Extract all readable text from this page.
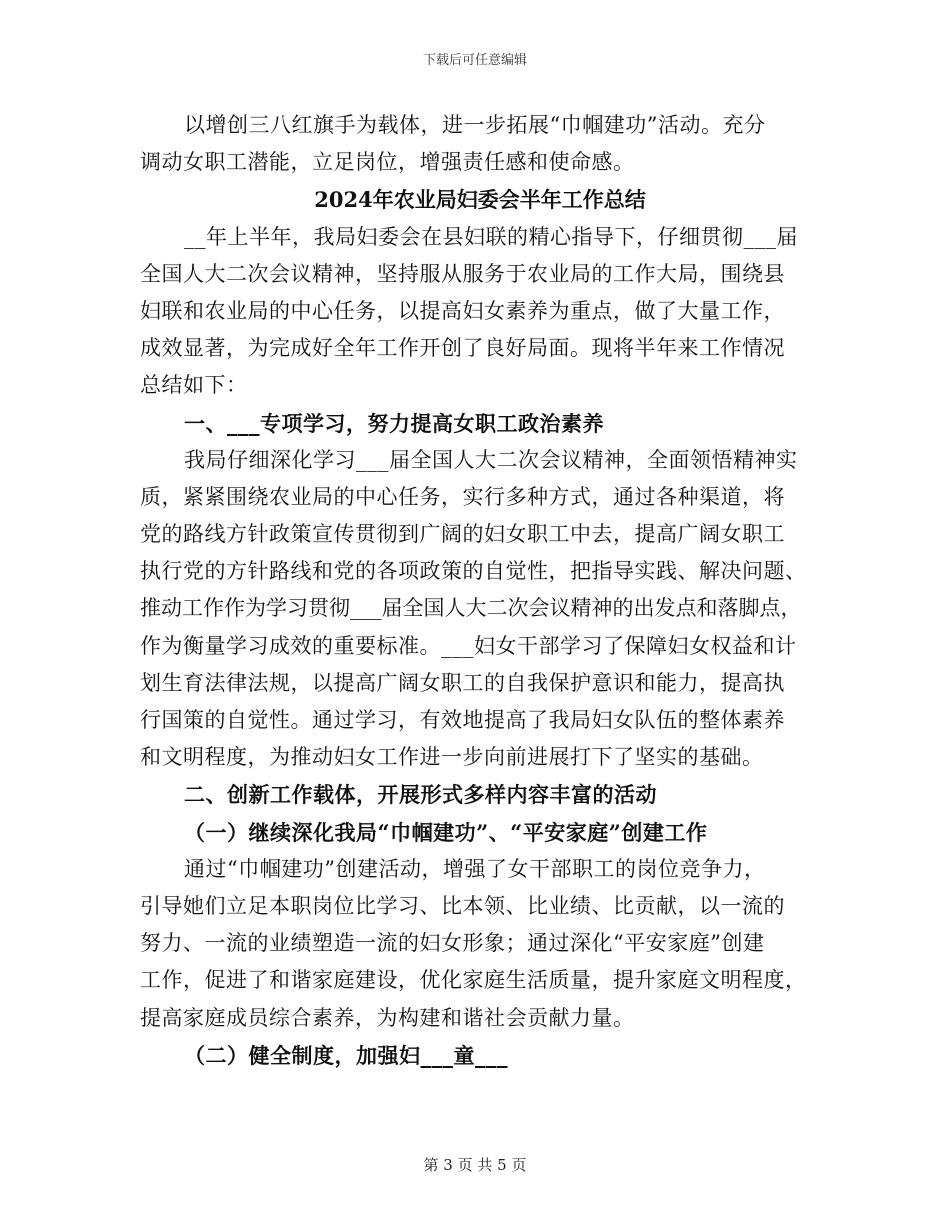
下载后可任意编辑
以增创三八红旗手为载体，进一步拓展“巾帼建功”活动。充分
调动女职工潜能，立足岗位，增强责任感和使命感。
2024年农业局妇委会半年工作总结
__年上半年，我局妇委会在县妇联的精心指导下，仔细贯彻___届
全国人大二次会议精神，坚持服从服务于农业局的工作大局，围绕县
妇联和农业局的中心任务，以提高妇女素养为重点，做了大量工作，
成效显著，为完成好全年工作开创了良好局面。现将半年来工作情况
总结如下：
一、___专项学习，努力提高女职工政治素养
我局仔细深化学习___届全国人大二次会议精神，全面领悟精神实
质，紧紧围绕农业局的中心任务，实行多种方式，通过各种渠道，将
党的路线方针政策宣传贯彻到广阔的妇女职工中去，提高广阔女职工
执行党的方针路线和党的各项政策的自觉性，把指导实践、解决问题、
推动工作作为学习贯彻___届全国人大二次会议精神的出发点和落脚点，
作为衡量学习成效的重要标准。___妇女干部学习了保障妇女权益和计
划生育法律法规，以提高广阔女职工的自我保护意识和能力，提高执
行国策的自觉性。通过学习，有效地提高了我局妇女队伍的整体素养
和文明程度，为推动妇女工作进一步向前进展打下了坚实的基础。
二、创新工作载体，开展形式多样内容丰富的活动
（一）继续深化我局“巾帼建功”、“平安家庭”创建工作
通过“巾帼建功”创建活动，增强了女干部职工的岗位竞争力，
引导她们立足本职岗位比学习、比本领、比业绩、比贡献，以一流的
努力、一流的业绩塑造一流的妇女形象；通过深化“平安家庭”创建
工作，促进了和谐家庭建设，优化家庭生活质量，提升家庭文明程度，
提高家庭成员综合素养，为构建和谐社会贡献力量。
（二）健全制度，加强妇___童___
第 3 页 共 5 页
